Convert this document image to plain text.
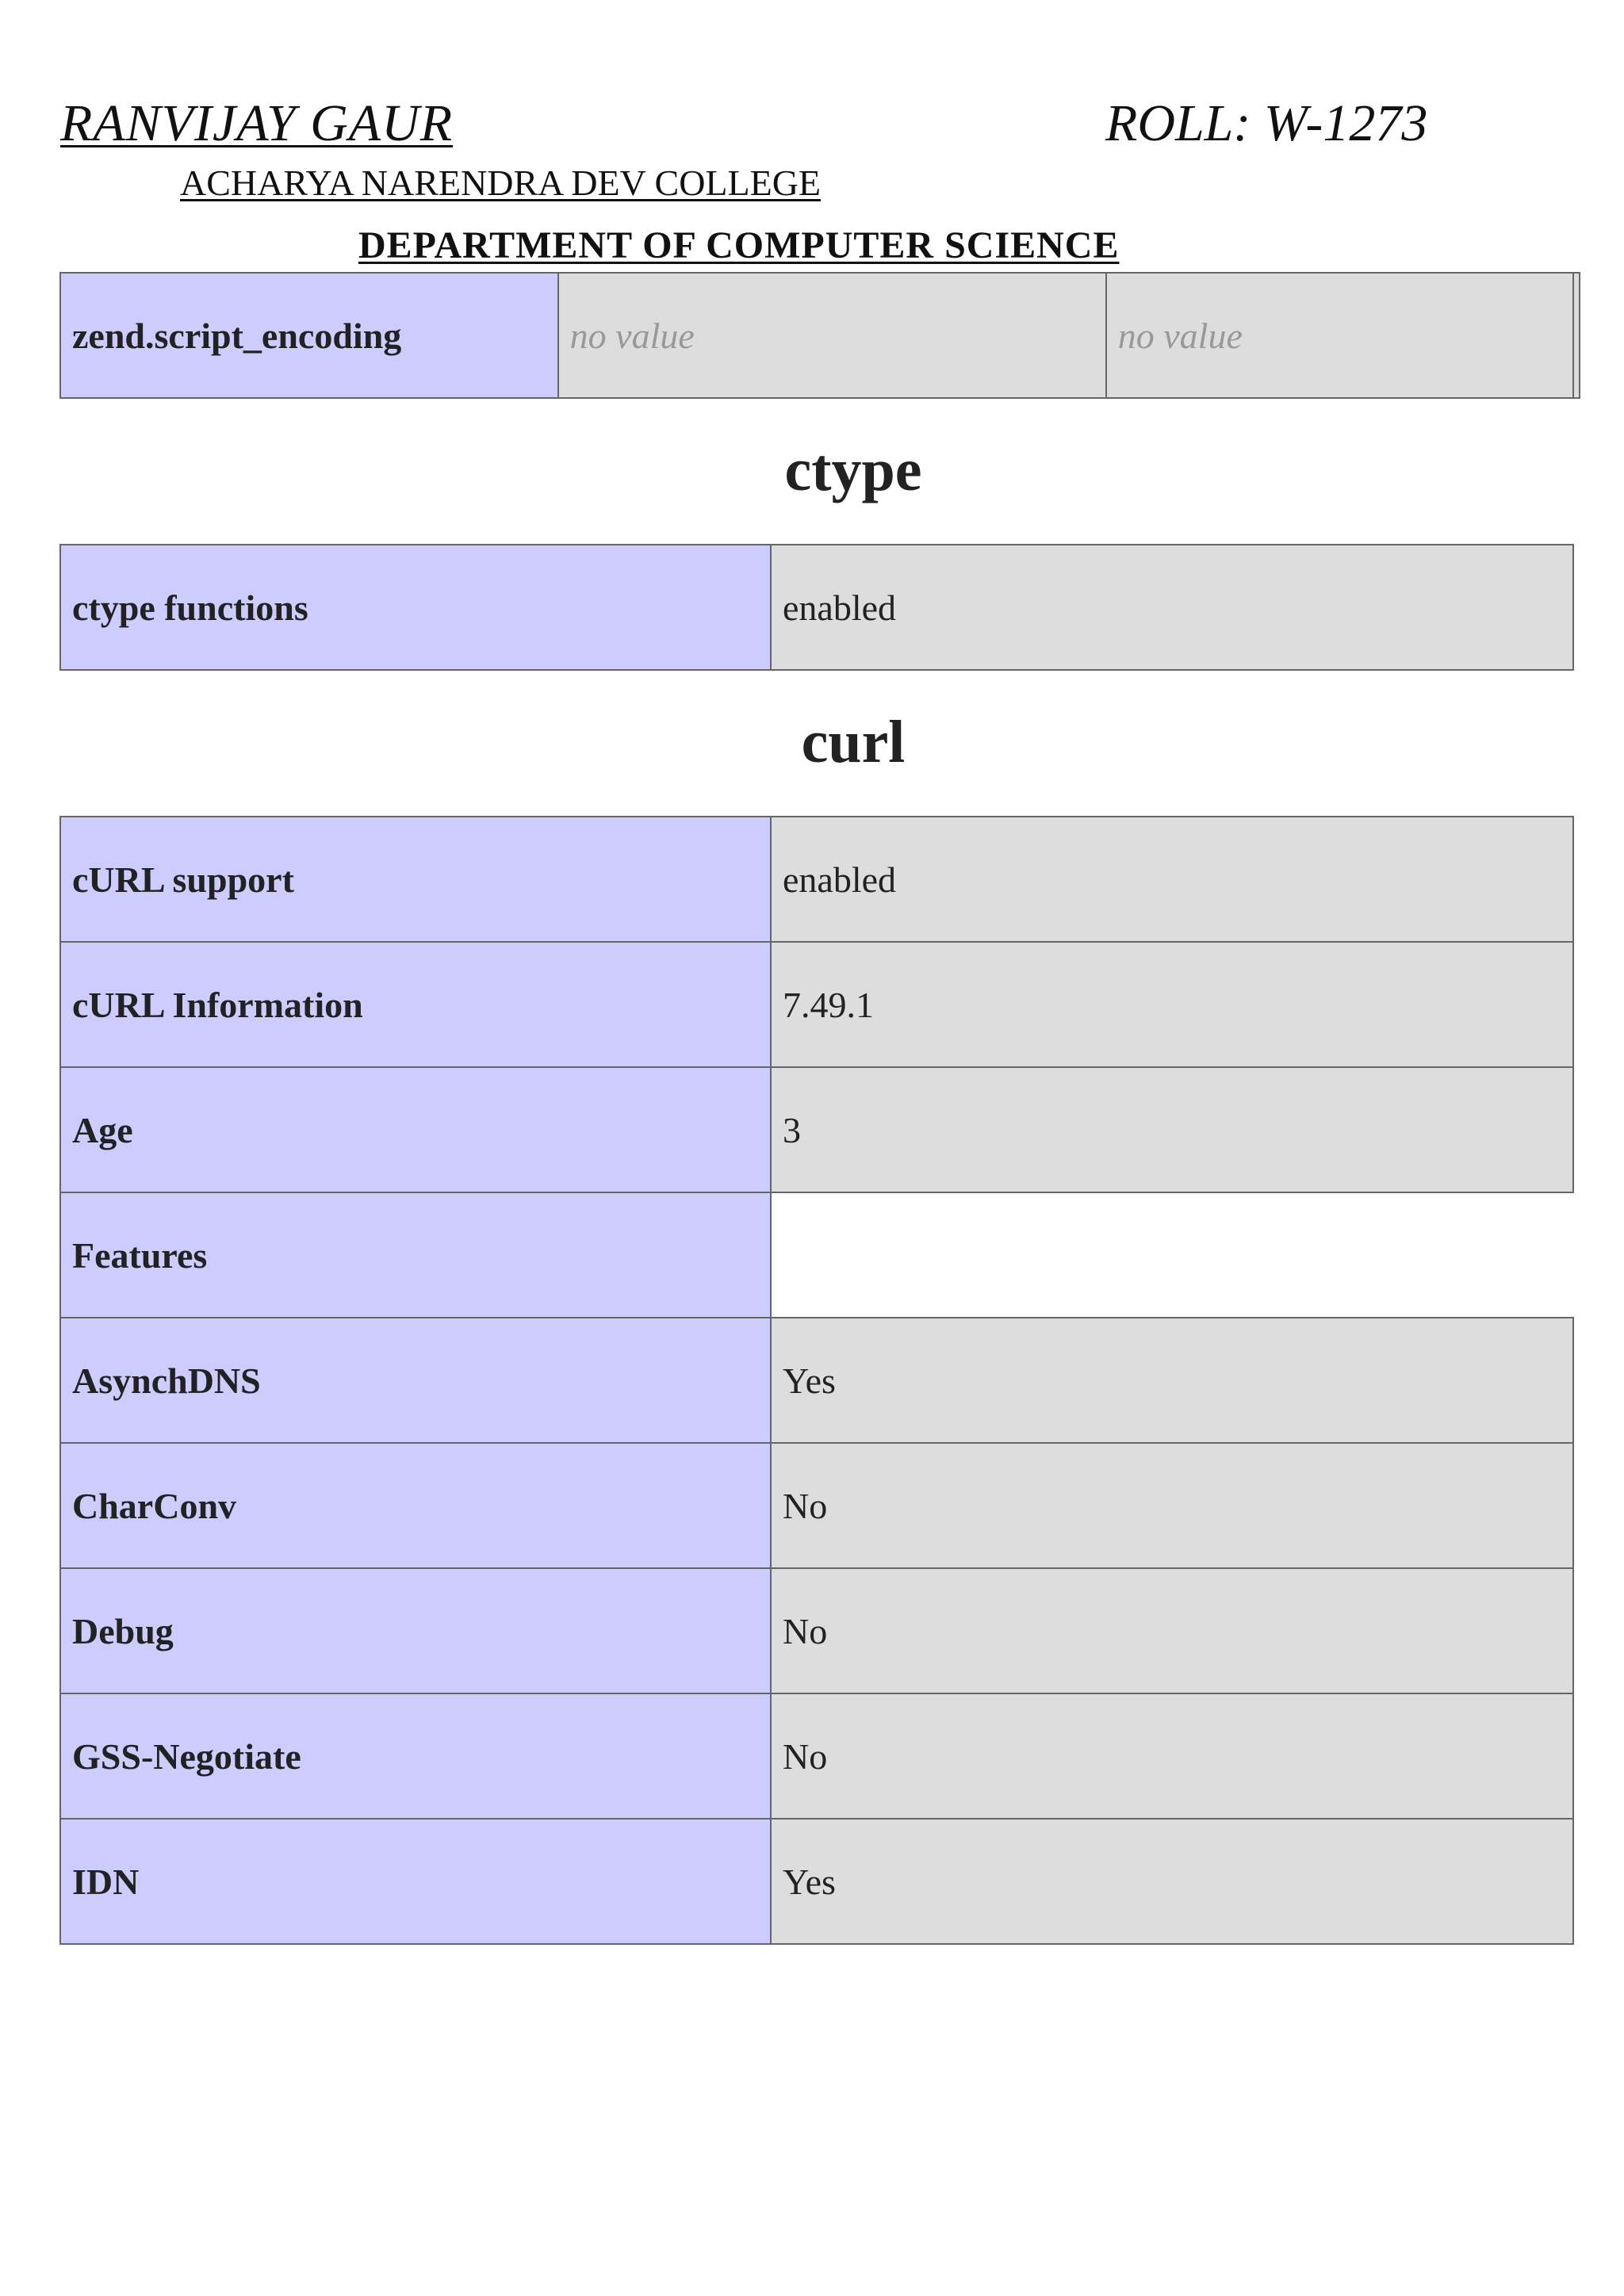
RANVIJAY GAUR	ROLL: W-1273
ACHARYA NARENDRA DEV COLLEGE
DEPARTMENT OF COMPUTER SCIENCE
zend.script_encoding	no value	no value	
ctype
ctype functions	enabled
curl
cURL support	enabled
cURL Information	7.49.1
Age	3
Features	
AsynchDNS	Yes
CharConv	No
Debug	No
GSS-Negotiate	No
IDN	Yes
